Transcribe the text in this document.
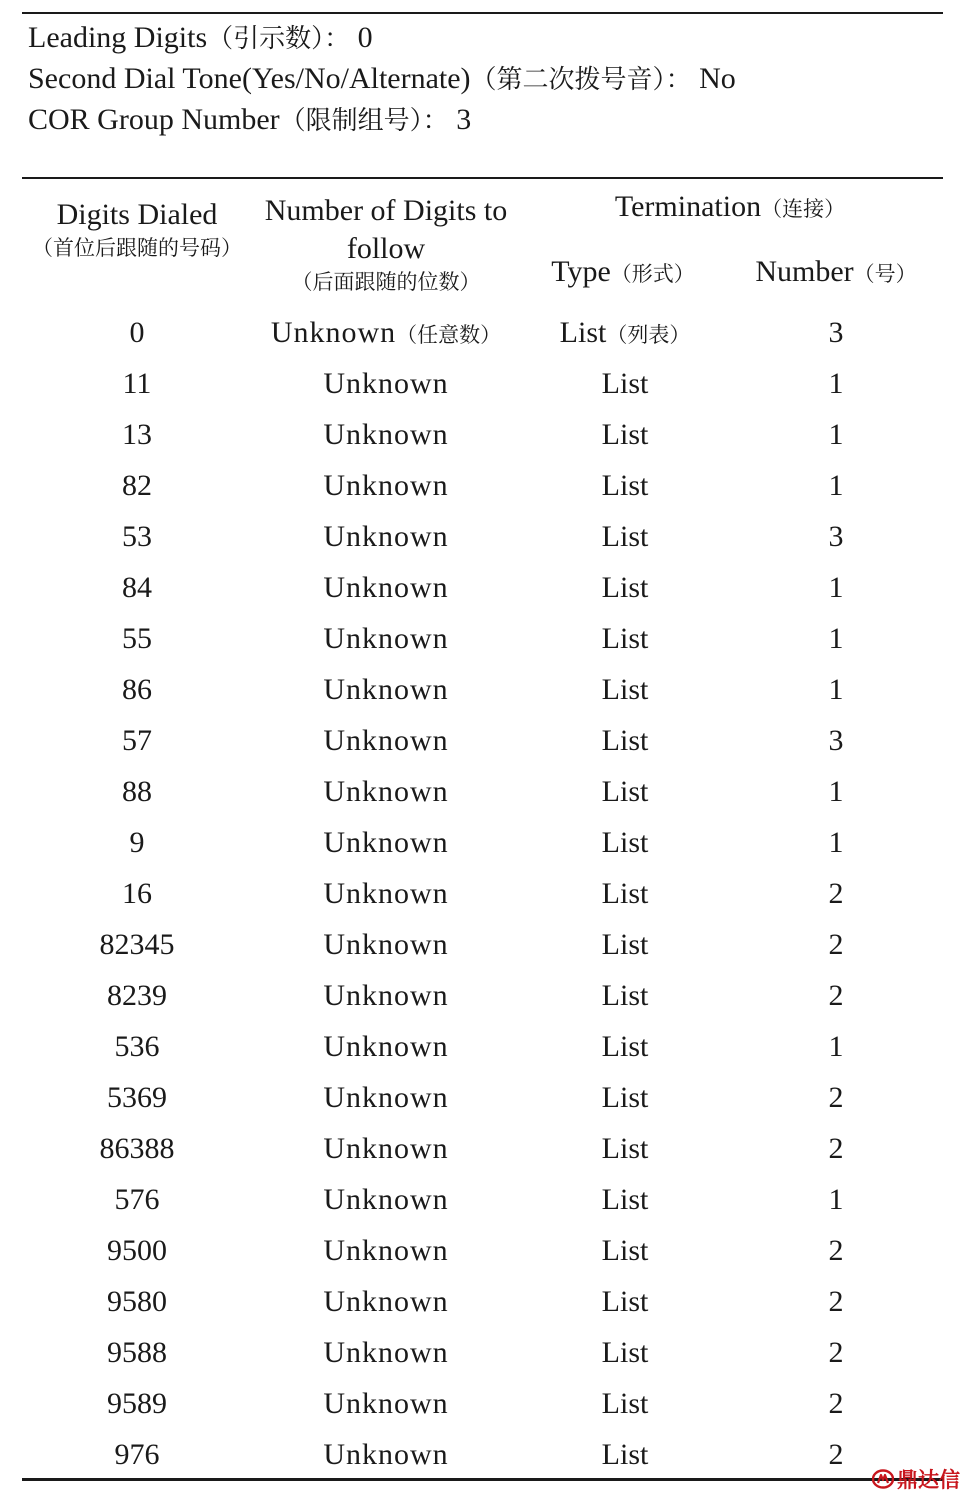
Leading Digits（引示数）： 0
Second Dial Tone(Yes/No/Alternate)（第二次拨号音）： No
COR Group Number（限制组号）： 3
Digits Dialed
（首位后跟随的号码）
Number of Digits to follow
（后面跟随的位数）
Termination（连接）
Type（形式）	Number（号）
0	Unknown（任意数）	List（列表）	3
11	Unknown	List	1
13	Unknown	List	1
82	Unknown	List	1
53	Unknown	List	3
84	Unknown	List	1
55	Unknown	List	1
86	Unknown	List	1
57	Unknown	List	3
88	Unknown	List	1
9	Unknown	List	1
16	Unknown	List	2
82345	Unknown	List	2
8239	Unknown	List	2
536	Unknown	List	1
5369	Unknown	List	2
86388	Unknown	List	2
576	Unknown	List	1
9500	Unknown	List	2
9580	Unknown	List	2
9588	Unknown	List	2
9589	Unknown	List	2
976	Unknown	List	2
鼎达信
